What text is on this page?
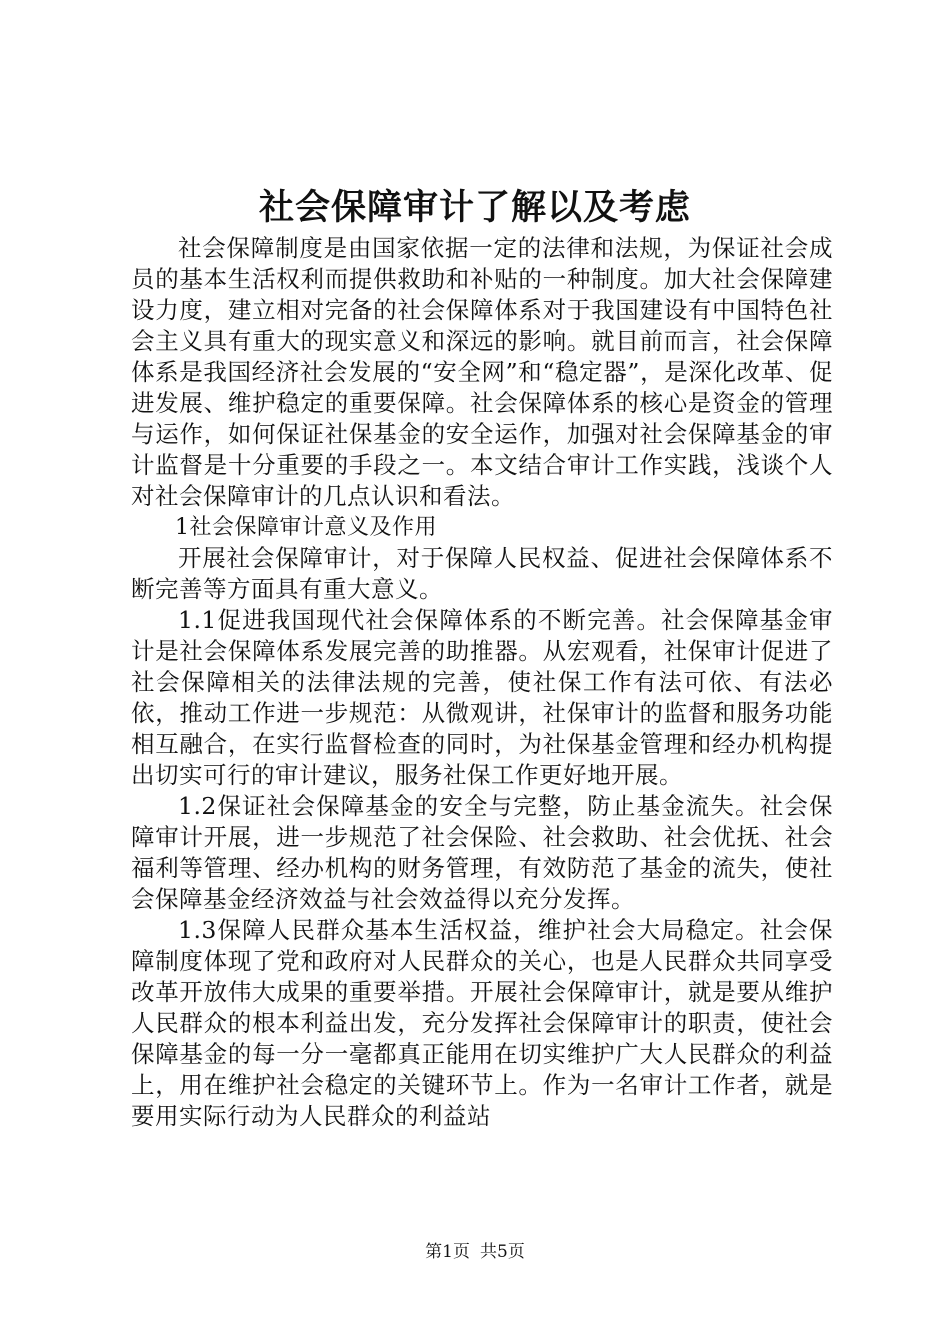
社会保障审计了解以及考虑

社会保障制度是由国家依据一定的法律和法规，为保证社会成员的基本生活权利而提供救助和补贴的一种制度。加大社会保障建设力度，建立相对完备的社会保障体系对于我国建设有中国特色社会主义具有重大的现实意义和深远的影响。就目前而言，社会保障体系是我国经济社会发展的“安全网”和“稳定器”，是深化改革、促进发展、维护稳定的重要保障。社会保障体系的核心是资金的管理与运作，如何保证社保基金的安全运作，加强对社会保障基金的审计监督是十分重要的手段之一。本文结合审计工作实践，浅谈个人对社会保障审计的几点认识和看法。

1社会保障审计意义及作用

开展社会保障审计，对于保障人民权益、促进社会保障体系不断完善等方面具有重大意义。

1.1促进我国现代社会保障体系的不断完善。社会保障基金审计是社会保障体系发展完善的助推器。从宏观看，社保审计促进了社会保障相关的法律法规的完善，使社保工作有法可依、有法必依，推动工作进一步规范：从微观讲，社保审计的监督和服务功能相互融合，在实行监督检查的同时，为社保基金管理和经办机构提出切实可行的审计建议，服务社保工作更好地开展。

1.2保证社会保障基金的安全与完整，防止基金流失。社会保障审计开展，进一步规范了社会保险、社会救助、社会优抚、社会福利等管理、经办机构的财务管理，有效防范了基金的流失，使社会保障基金经济效益与社会效益得以充分发挥。

1.3保障人民群众基本生活权益，维护社会大局稳定。社会保障制度体现了党和政府对人民群众的关心，也是人民群众共同享受改革开放伟大成果的重要举措。开展社会保障审计，就是要从维护人民群众的根本利益出发，充分发挥社会保障审计的职责，使社会保障基金的每一分一毫都真正能用在切实维护广大人民群众的利益上，用在维护社会稳定的关键环节上。作为一名审计工作者，就是要用实际行动为人民群众的利益站

第1页 共5页
